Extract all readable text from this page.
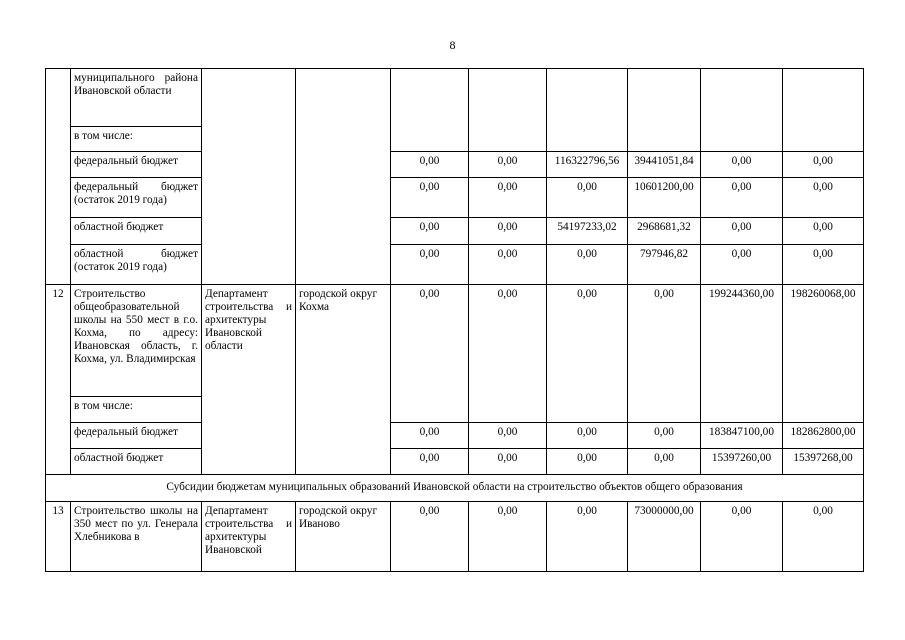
8
	муниципального района Ивановской области								
	в том числе:								
	федеральный бюджет			0,00	0,00	116322796,56	39441051,84	0,00	0,00
	федеральный бюджет (остаток 2019 года)			0,00	0,00	0,00	10601200,00	0,00	0,00
	областной бюджет			0,00	0,00	54197233,02	2968681,32	0,00	0,00
	областной бюджет (остаток 2019 года)			0,00	0,00	0,00	797946,82	0,00	0,00
12	Строительство общеобразовательной школы на 550 мест в г.о. Кохма, по адресу: Ивановская область, г. Кохма, ул. Владимирская	Департамент строительства и архитектуры Ивановской области	городской округ Кохма	0,00	0,00	0,00	0,00	199244360,00	198260068,00
	в том числе:								
	федеральный бюджет			0,00	0,00	0,00	0,00	183847100,00	182862800,00
	областной бюджет			0,00	0,00	0,00	0,00	15397260,00	15397268,00
Субсидии бюджетам муниципальных образований Ивановской области на строительство объектов общего образования									
13	Строительство школы на 350 мест по ул. Генерала Хлебникова в	Департамент строительства и архитектуры Ивановской	городской округ Иваново	0,00	0,00	0,00	73000000,00	0,00	0,00
